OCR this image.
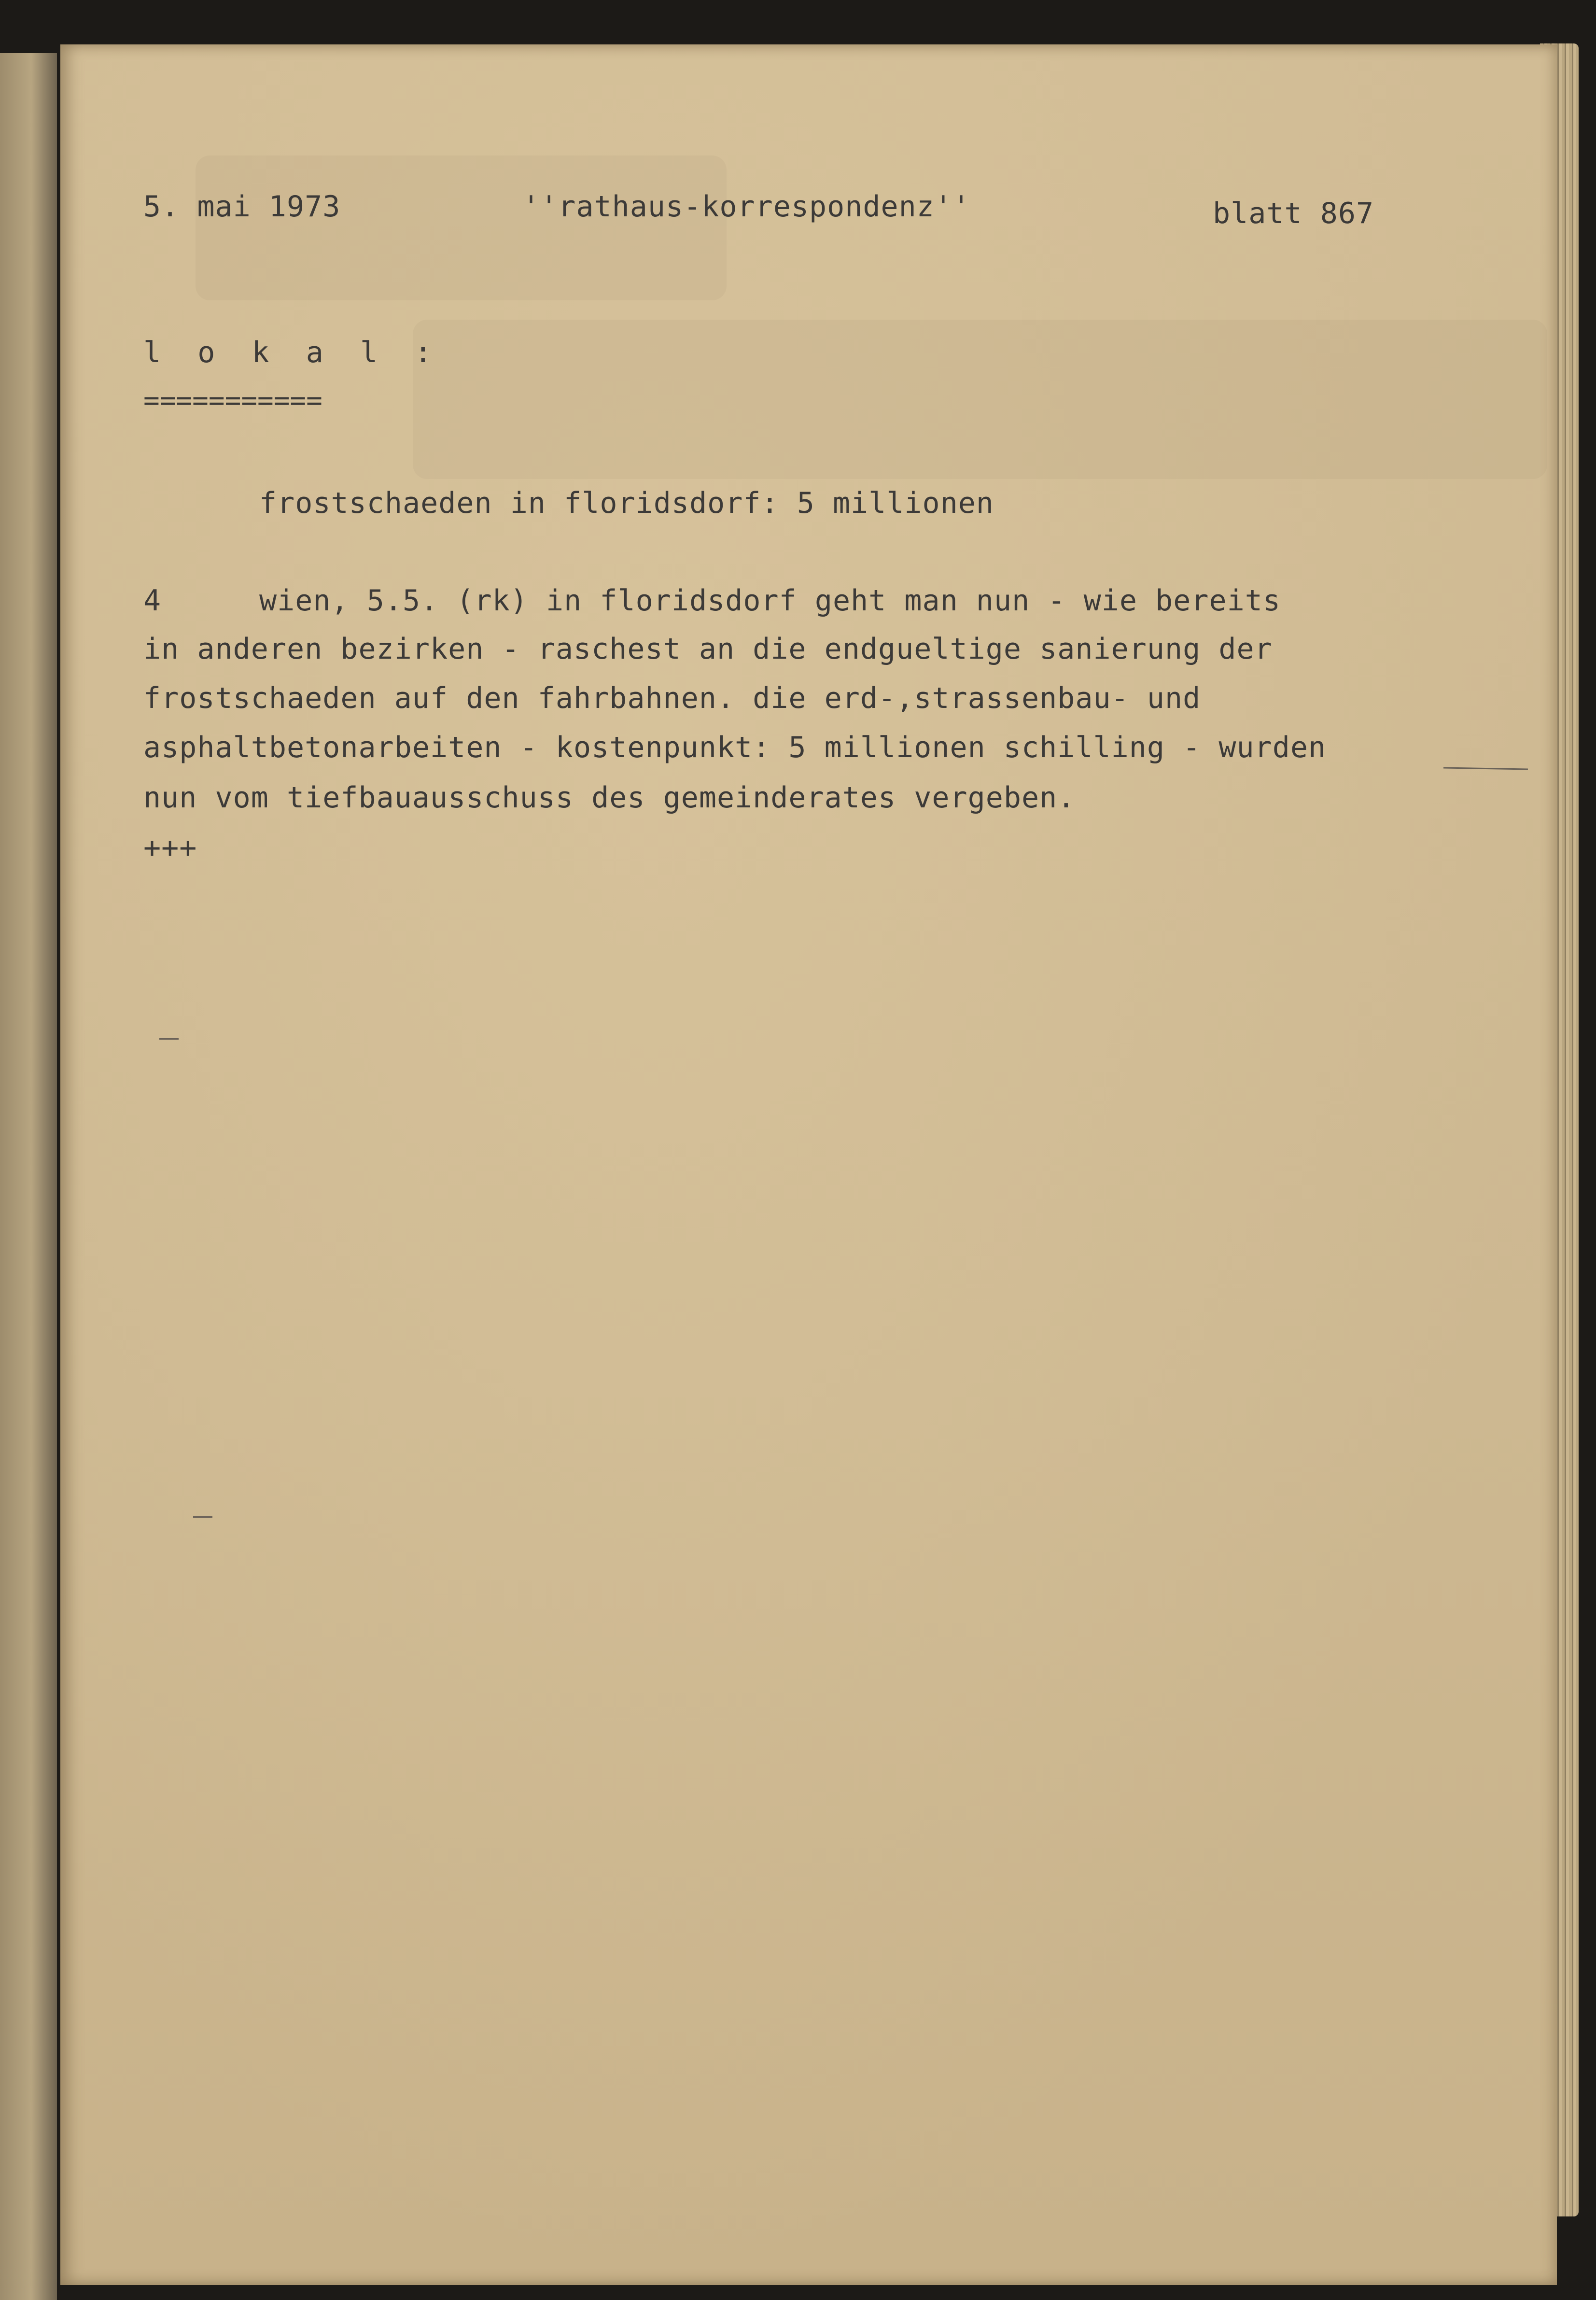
5. mai 1973	''rathaus-korrespondenz''	blatt 867

l o k a l :

===========

frostschaeden in floridsdorf: 5 millionen

4	wien, 5.5. (rk) in floridsdorf geht man nun - wie bereits

in anderen bezirken - raschest an die endgueltige sanierung der

frostschaeden auf den fahrbahnen. die erd-,strassenbau- und

asphaltbetonarbeiten - kostenpunkt: 5 millionen schilling - wurden

nun vom tiefbauausschuss des gemeinderates vergeben.

+++
